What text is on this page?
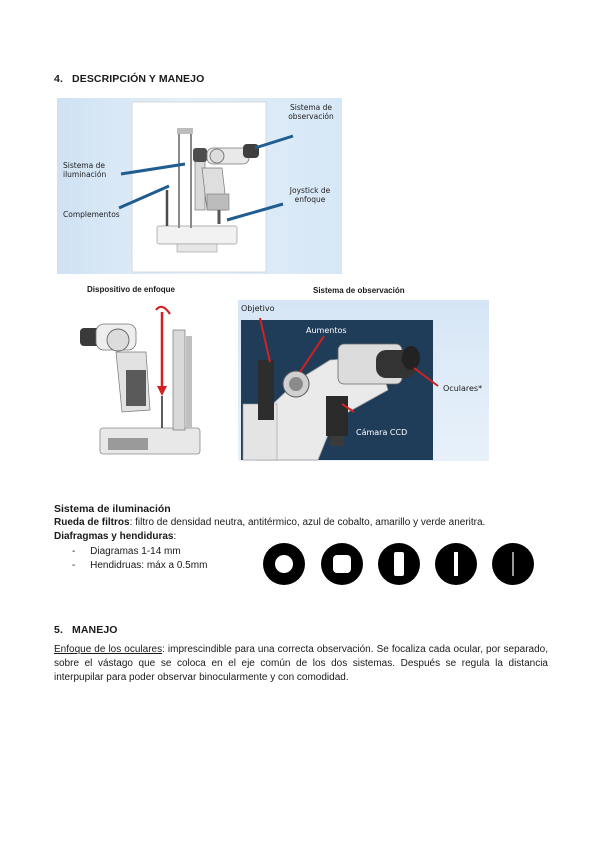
4. DESCRIPCIÓN Y MANEJO
Sistema de observación
Sistema de iluminación
Complementos
Joystick de enfoque
Dispositivo de enfoque	Sistema de observación
Objetivo
Aumentos
Oculares*
Cámara CCD
Sistema de iluminación
Rueda de filtros: filtro de densidad neutra, antitérmico, azul de cobalto, amarillo y verde aneritra.
Diafragmas y hendiduras:
- Diagramas 1-14 mm
- Hendidruas: máx a 0.5mm
5. MANEJO
Enfoque de los oculares: imprescindible para una correcta observación. Se focaliza cada ocular, por separado, sobre el vástago que se coloca en el eje común de los dos sistemas. Después se regula la distancia interpupilar para poder observar binocularmente y con comodidad.
